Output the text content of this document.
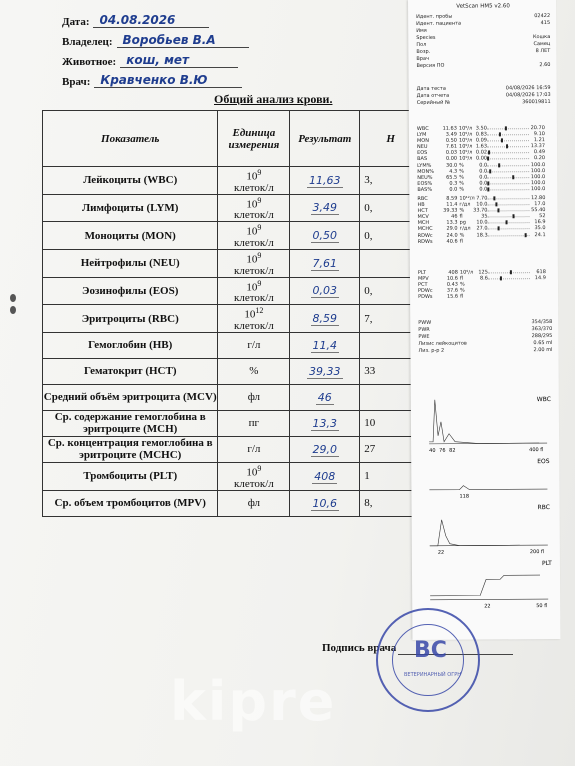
Дата: 04.08.2026
Владелец: Воробьев В.А
Животное: кош, мет
Врач: Кравченко В.Ю
Общий анализ крови.
Показатель	Единица измерения	Результат	Н
Лейкоциты (WBC)	$10^9$
клеток/л	11,63	3,
Лимфоциты (LYM)	$10^9$
клеток/л	3,49	0,
Моноциты (MON)	$10^9$
клеток/л	0,50	0,
Нейтрофилы (NEU)	$10^9$
клеток/л	7,61	
Эозинофилы (EOS)	$10^9$
клеток/л	0,03	0,
Эритроциты (RBC)	$10^{12}$
клеток/л	8,59	7,
Гемоглобин (HB)	г/л	11,4	
Гематокрит (HCT)	%	39,33	33
Средний объём эритроцита (MCV)	фл	46	
Ср. содержание гемоглобина в эритроците (MCH)	пг	13,3	10
Ср. концентрация гемоглобина в эритроците (MCHC)	г/л	29,0	27
Тромбоциты (PLT)	$10^9$
клеток/л	408	1
Ср. объем тромбоцитов (MPV)	фл	10,6	8,
Подпись врача
VetScan HM5 v2.60
Идент. пробы	02422
Идент. пациента	415
Имя
Species	Кошка
Пол	Самец
Возр.	8 ЛЕТ
Врач
Версия ПО	2.60
Дата теста	04/08/2026 16:59
Дата отчета	04/08/2026 17:03
Серийный №	360019811
WBC	11.63 10⁹/л 3.50	20.70
LYM	3.49 10⁹/л 0.83	9.10
MON	0.50 10⁹/л 0.09	1.21
NEU	7.61 10⁹/л 1.63	13.37
EOS	0.03 10⁹/л 0.02	0.49
BAS	0.00 10⁹/л 0.00	0.20
LYM%	30.0 %	0.0	100.0
MON%	4.3 %	0.0	100.0
NEU%	65.5 %	0.0	100.0
EOS%	0.3 %	0.0	100.0
BAS%	0.0 %	0.0	100.0
RBC	8.59 10¹²/л 7.70	12.80
HB	11.4 г/дл	10.0	17.0
HCT	39.33 %	33.70	55.40
MCV	46 fl	35	52
MCH	13.3 pg	10.0	16.9
MCHC	29.0 г/дл	27.0	35.0
RDWc	24.0 %	18.3	24.1
RDWs	40.6 fl
PLT	408 10⁹/л	125	618
MPV	10.6 fl	8.6	14.9
PCT	0.43 %
PDWc	37.6 %
PDWs	15.6 fl
PWW	354/358
PWR	363/370
PWE	288/295
Лизис лейкоцитов	0.65 ml
Лиз. р-р 2	2.00 ml
WBC
40 76 82	400 fl
EOS
118
RBC
22	200 fl
PLT
22	50 fl
ВС
ВЕТЕРИНАРНЫЙ ОГРН
kipre
